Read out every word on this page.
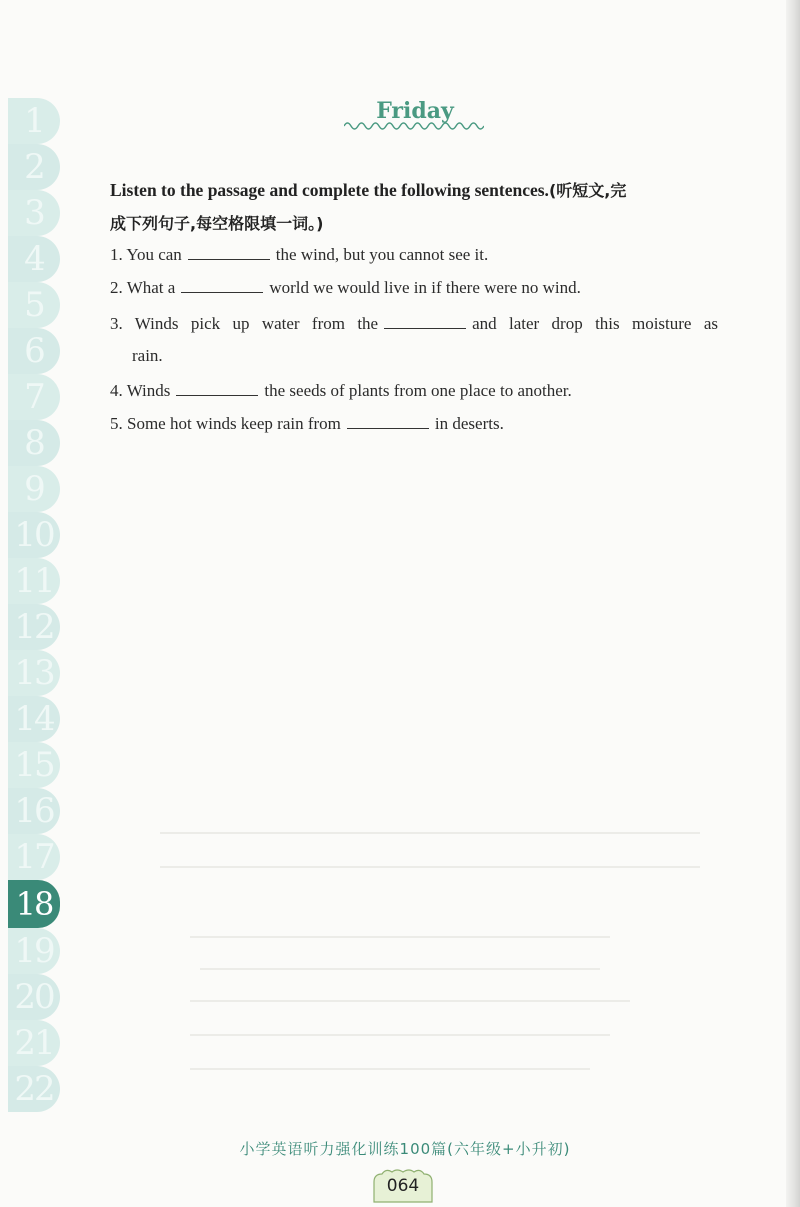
1
2
3
4
5
6
7
8
9
10
11
12
13
14
15
16
17
18
19
20
21
22
Friday
Listen to the passage and complete the following sentences.(听短文,完
成下列句子,每空格限填一词。)
1. You can	the wind, but you cannot see it.
2. What a	world we would live in if there were no wind.
3. Winds pick up water from the	and later drop this moisture as
rain.
4. Winds	the seeds of plants from one place to another.
5. Some hot winds keep rain from	in deserts.
小学英语听力强化训练100篇(六年级+小升初)
064
